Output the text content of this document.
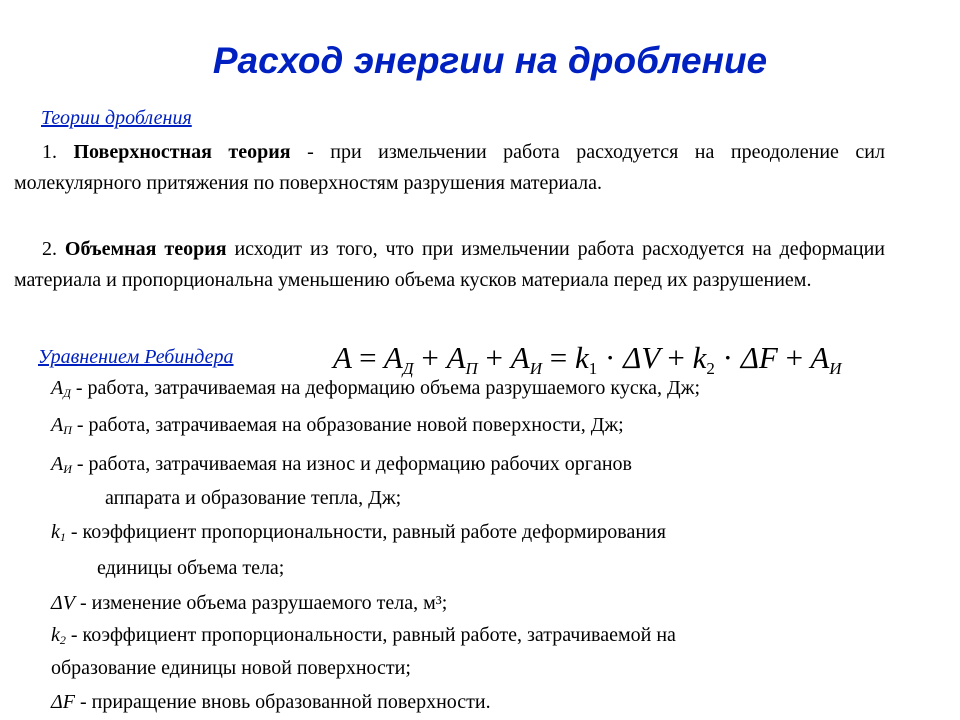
Расход энергии на дробление
Теории дробления
1. Поверхностная теория - при измельчении работа расходуется на преодоление сил молекулярного притяжения по поверхностям разрушения материала.
2. Объемная теория исходит из того, что при измельчении работа расходуется на деформации материала и пропорциональна уменьшению объема кусков материала перед их разрушением.
Уравнением Ребиндера	$A = A_Д + A_П + A_И = k_1 \cdot \Delta V + k_2 \cdot \Delta F + A_И$
$A_Д$ - работа, затрачиваемая на деформацию объема разрушаемого куска, Дж;
$A_П$ - работа, затрачиваемая на образование новой поверхности, Дж;
$A_И$ - работа, затрачиваемая на износ и деформацию рабочих органов
аппарата и образование тепла, Дж;
$k_1$ - коэффициент пропорциональности, равный работе деформирования
единицы объема тела;
ΔV - изменение объема разрушаемого тела, м³;
$k_2$ - коэффициент пропорциональности, равный работе, затрачиваемой на
образование единицы новой поверхности;
ΔF - приращение вновь образованной поверхности.
